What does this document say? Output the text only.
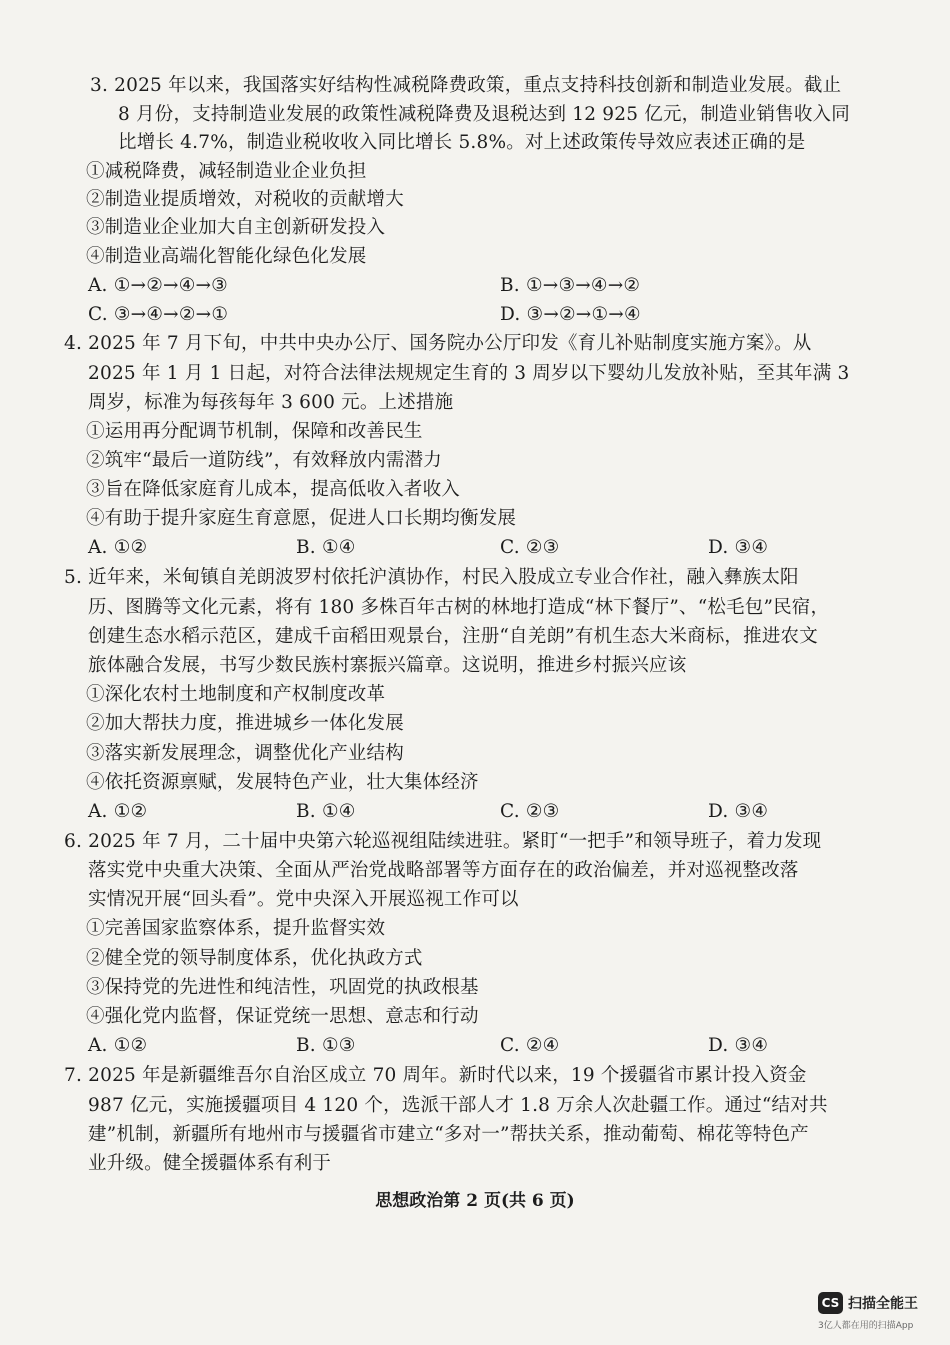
3. 2025 年以来，我国落实好结构性减税降费政策，重点支持科技创新和制造业发展。截止
8 月份，支持制造业发展的政策性减税降费及退税达到 12 925 亿元，制造业销售收入同
比增长 4.7%，制造业税收收入同比增长 5.8%。对上述政策传导效应表述正确的是
①减税降费，减轻制造业企业负担
②制造业提质增效，对税收的贡献增大
③制造业企业加大自主创新研发投入
④制造业高端化智能化绿色化发展
A. ①→②→④→③	B. ①→③→④→②
C. ③→④→②→①	D. ③→②→①→④
4. 2025 年 7 月下旬，中共中央办公厅、国务院办公厅印发《育儿补贴制度实施方案》。从
2025 年 1 月 1 日起，对符合法律法规规定生育的 3 周岁以下婴幼儿发放补贴，至其年满 3
周岁，标准为每孩每年 3 600 元。上述措施
①运用再分配调节机制，保障和改善民生
②筑牢“最后一道防线”，有效释放内需潜力
③旨在降低家庭育儿成本，提高低收入者收入
④有助于提升家庭生育意愿，促进人口长期均衡发展
A. ①②	B. ①④	C. ②③	D. ③④
5. 近年来，米甸镇自羌朗波罗村依托沪滇协作，村民入股成立专业合作社，融入彝族太阳
历、图腾等文化元素，将有 180 多株百年古树的林地打造成“林下餐厅”、“松毛包”民宿，
创建生态水稻示范区，建成千亩稻田观景台，注册“自羌朗”有机生态大米商标，推进农文
旅体融合发展，书写少数民族村寨振兴篇章。这说明，推进乡村振兴应该
①深化农村土地制度和产权制度改革
②加大帮扶力度，推进城乡一体化发展
③落实新发展理念，调整优化产业结构
④依托资源禀赋，发展特色产业，壮大集体经济
A. ①②	B. ①④	C. ②③	D. ③④
6. 2025 年 7 月，二十届中央第六轮巡视组陆续进驻。紧盯“一把手”和领导班子，着力发现
落实党中央重大决策、全面从严治党战略部署等方面存在的政治偏差，并对巡视整改落
实情况开展“回头看”。党中央深入开展巡视工作可以
①完善国家监察体系，提升监督实效
②健全党的领导制度体系，优化执政方式
③保持党的先进性和纯洁性，巩固党的执政根基
④强化党内监督，保证党统一思想、意志和行动
A. ①②	B. ①③	C. ②④	D. ③④
7. 2025 年是新疆维吾尔自治区成立 70 周年。新时代以来，19 个援疆省市累计投入资金
987 亿元，实施援疆项目 4 120 个，选派干部人才 1.8 万余人次赴疆工作。通过“结对共
建”机制，新疆所有地州市与援疆省市建立“多对一”帮扶关系，推动葡萄、棉花等特色产
业升级。健全援疆体系有利于
思想政治第 2 页(共 6 页)
CS 扫描全能王
3亿人都在用的扫描App
